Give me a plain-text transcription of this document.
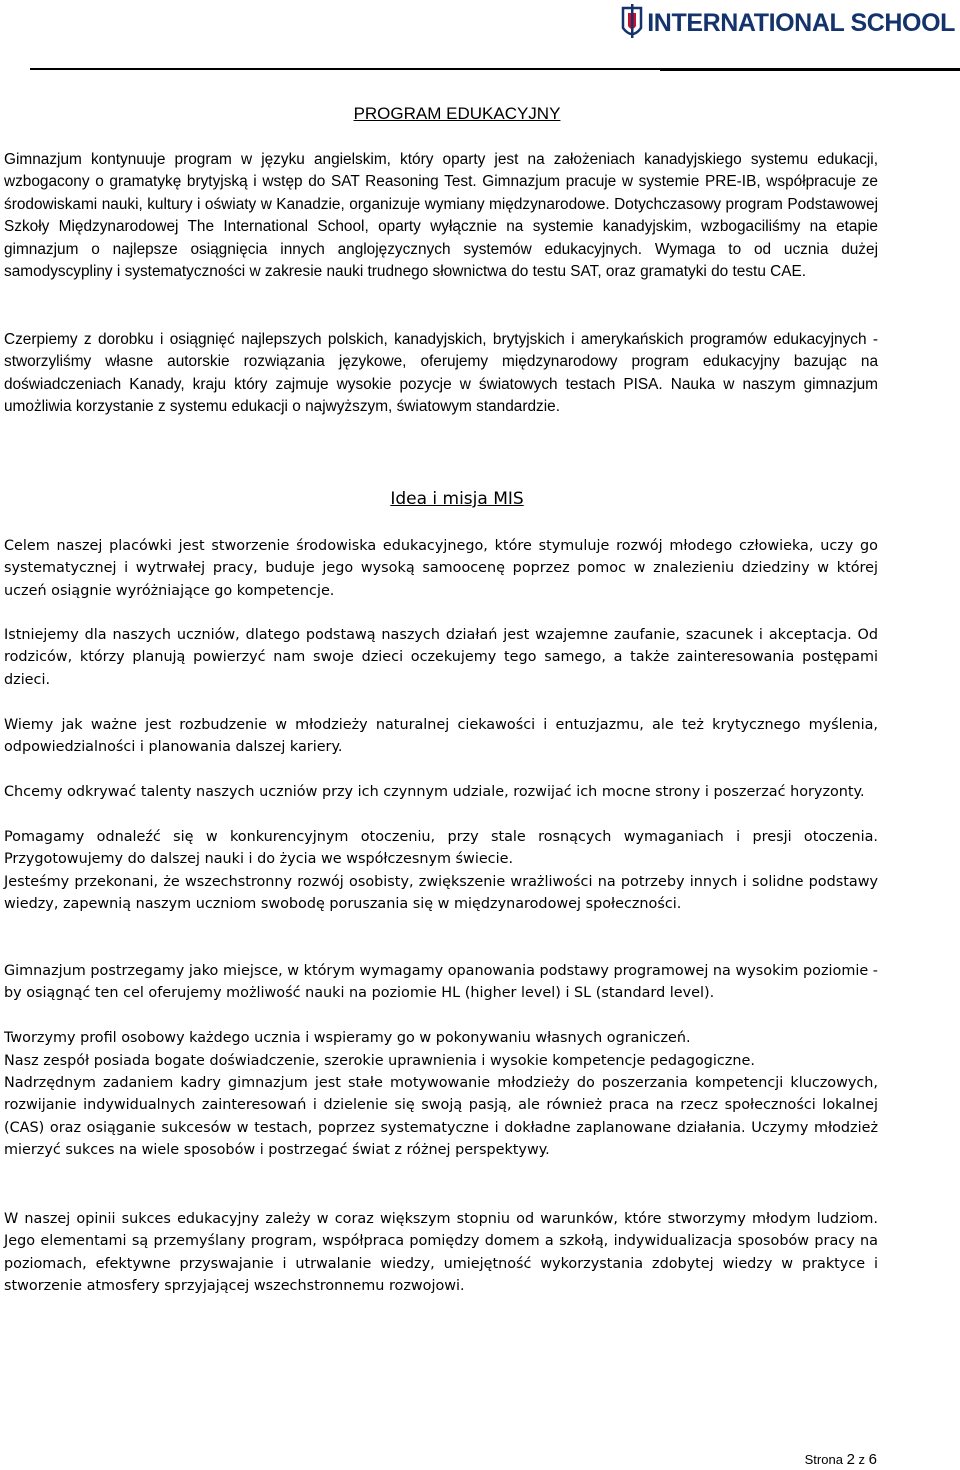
INTERNATIONAL SCHOOL
PROGRAM EDUKACYJNY

Gimnazjum kontynuuje program w języku angielskim, który oparty jest na założeniach kanadyjskiego systemu edukacji, wzbogacony o gramatykę brytyjską i wstęp do SAT Reasoning Test. Gimnazjum pracuje w systemie PRE-IB, współpracuje ze środowiskami nauki, kultury i oświaty w Kanadzie, organizuje wymiany międzynarodowe. Dotychczasowy program Podstawowej Szkoły Międzynarodowej The International School, oparty wyłącznie na systemie kanadyjskim, wzbogaciliśmy na etapie gimnazjum o najlepsze osiągnięcia innych anglojęzycznych systemów edukacyjnych. Wymaga to od ucznia dużej samodyscypliny i systematyczności w zakresie nauki trudnego słownictwa do testu SAT, oraz gramatyki do testu CAE.

Czerpiemy z dorobku i osiągnięć najlepszych polskich, kanadyjskich, brytyjskich i amerykańskich programów edukacyjnych - stworzyliśmy własne autorskie rozwiązania językowe, oferujemy międzynarodowy program edukacyjny bazując na doświadczeniach Kanady, kraju który zajmuje wysokie pozycje w światowych testach PISA. Nauka w naszym gimnazjum umożliwia korzystanie z systemu edukacji o najwyższym, światowym standardzie.

Idea i misja MIS

Celem naszej placówki jest stworzenie środowiska edukacyjnego, które stymuluje rozwój młodego człowieka, uczy go systematycznej i wytrwałej pracy, buduje jego wysoką samoocenę poprzez pomoc w znalezieniu dziedziny w której uczeń osiągnie wyróżniające go kompetencje.

Istniejemy dla naszych uczniów, dlatego podstawą naszych działań jest wzajemne zaufanie, szacunek i akceptacja. Od rodziców, którzy planują powierzyć nam swoje dzieci oczekujemy tego samego, a także zainteresowania postępami dzieci.

Wiemy jak ważne jest rozbudzenie w młodzieży naturalnej ciekawości i entuzjazmu, ale też krytycznego myślenia, odpowiedzialności i planowania dalszej kariery.

Chcemy odkrywać talenty naszych uczniów przy ich czynnym udziale, rozwijać ich mocne strony i poszerzać horyzonty.

Pomagamy odnaleźć się w konkurencyjnym otoczeniu, przy stale rosnących wymaganiach i presji otoczenia. Przygotowujemy do dalszej nauki i do życia we współczesnym świecie.

Jesteśmy przekonani, że wszechstronny rozwój osobisty, zwiększenie wrażliwości na potrzeby innych i solidne podstawy wiedzy, zapewnią naszym uczniom swobodę poruszania się w międzynarodowej społeczności.

Gimnazjum postrzegamy jako miejsce, w którym wymagamy opanowania podstawy programowej na wysokim poziomie - by osiągnąć ten cel oferujemy możliwość nauki na poziomie HL (higher level) i SL (standard level).

Tworzymy profil osobowy każdego ucznia i wspieramy go w pokonywaniu własnych ograniczeń.

Nasz zespół posiada bogate doświadczenie, szerokie uprawnienia i wysokie kompetencje pedagogiczne.

Nadrzędnym zadaniem kadry gimnazjum jest stałe motywowanie młodzieży do poszerzania kompetencji kluczowych, rozwijanie indywidualnych zainteresowań i dzielenie się swoją pasją, ale również praca na rzecz społeczności lokalnej (CAS) oraz osiąganie sukcesów w testach, poprzez systematyczne i dokładne zaplanowane działania. Uczymy młodzież mierzyć sukces na wiele sposobów i postrzegać świat z różnej perspektywy.

W naszej opinii sukces edukacyjny zależy w coraz większym stopniu od warunków, które stworzymy młodym ludziom. Jego elementami są przemyślany program, współpraca pomiędzy domem a szkołą, indywidualizacja sposobów pracy na poziomach, efektywne przyswajanie i utrwalanie wiedzy, umiejętność wykorzystania zdobytej wiedzy w praktyce i stworzenie atmosfery sprzyjającej wszechstronnemu rozwojowi.

Strona 2 z 6
